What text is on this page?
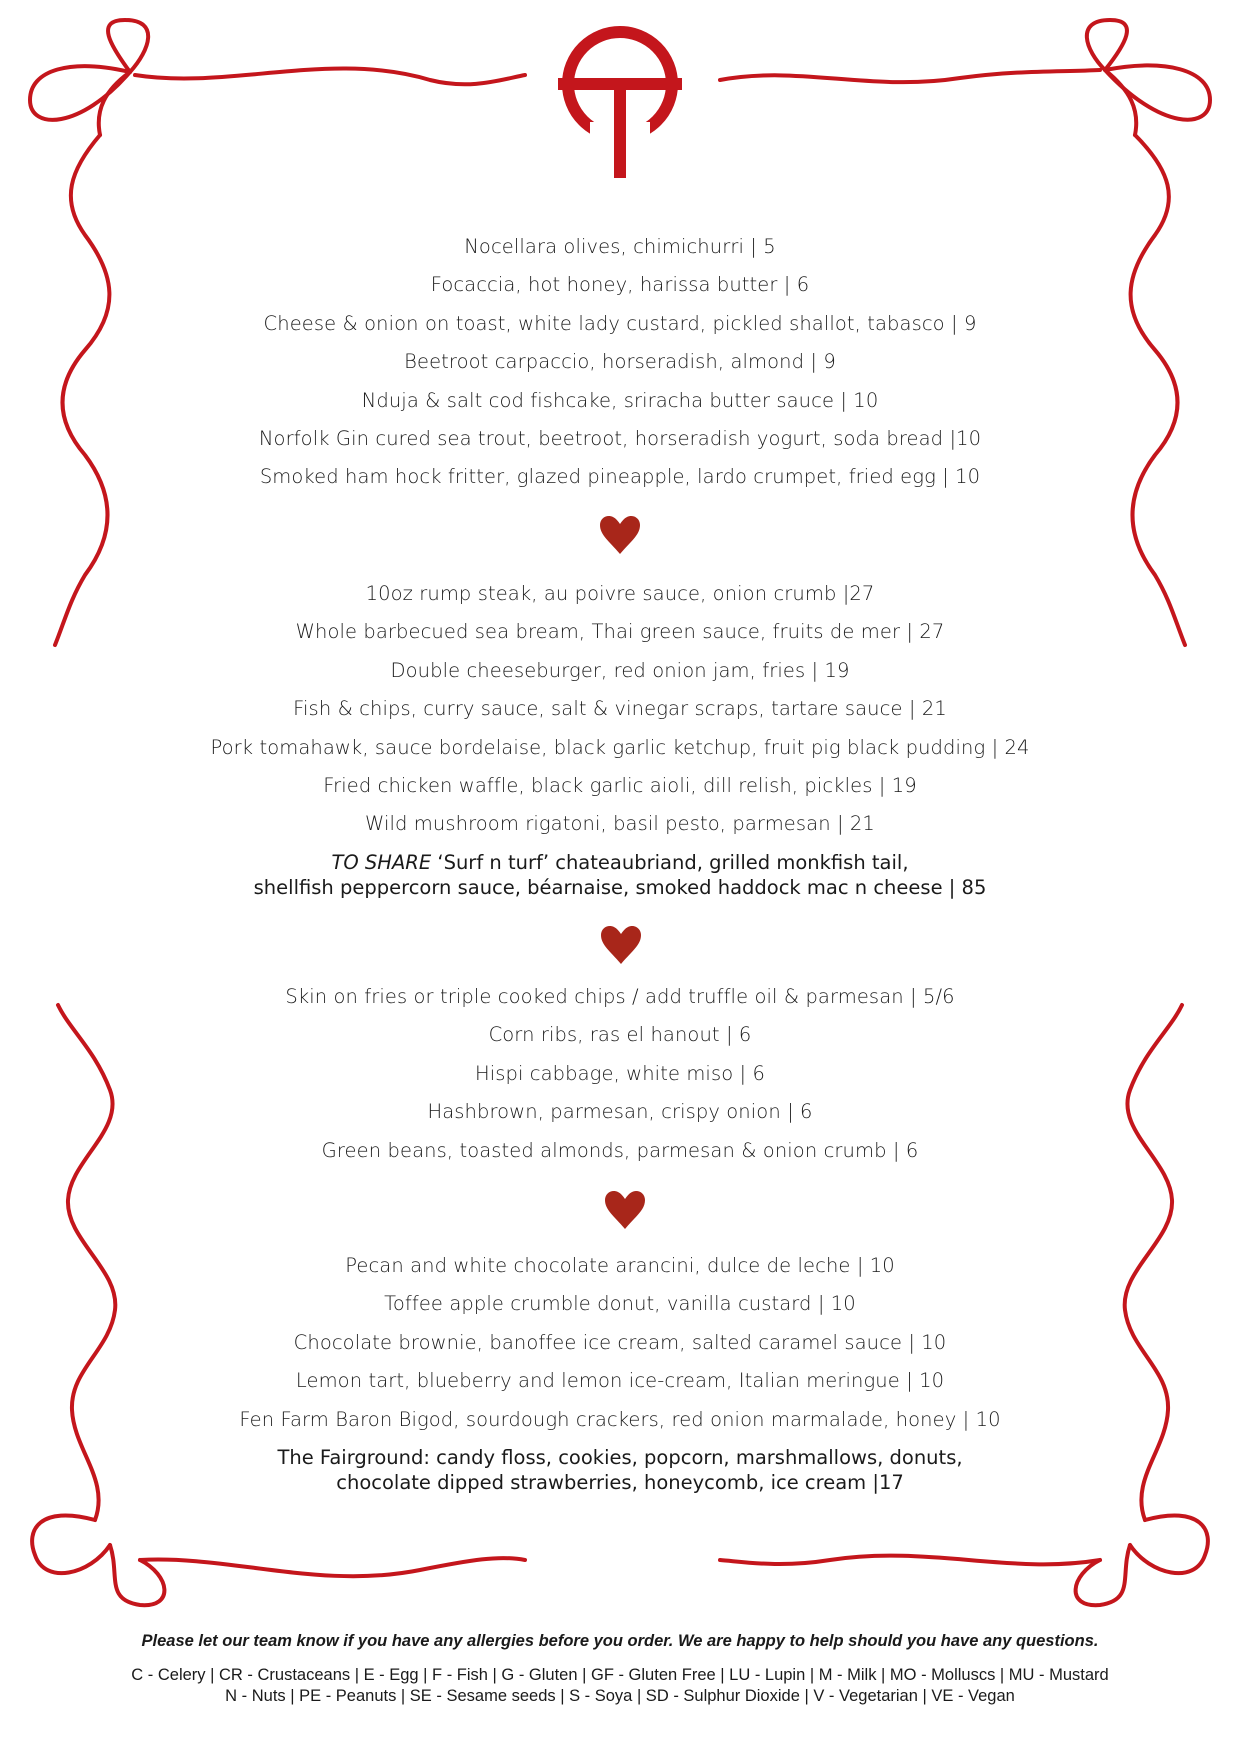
Nocellara olives, chimichurri | 5
Focaccia, hot honey, harissa butter | 6
Cheese & onion on toast, white lady custard, pickled shallot, tabasco | 9
Beetroot carpaccio, horseradish, almond | 9
Nduja & salt cod fishcake, sriracha butter sauce | 10
Norfolk Gin cured sea trout, beetroot, horseradish yogurt, soda bread |10
Smoked ham hock fritter, glazed pineapple, lardo crumpet, fried egg | 10
10oz rump steak, au poivre sauce, onion crumb |27
Whole barbecued sea bream, Thai green sauce, fruits de mer | 27
Double cheeseburger, red onion jam, fries | 19
Fish & chips, curry sauce, salt & vinegar scraps, tartare sauce | 21
Pork tomahawk, sauce bordelaise, black garlic ketchup, fruit pig black pudding | 24
Fried chicken waffle, black garlic aioli, dill relish, pickles | 19
Wild mushroom rigatoni, basil pesto, parmesan | 21
TO SHARE ‘Surf n turf’ chateaubriand, grilled monkfish tail,
shellfish peppercorn sauce, béarnaise, smoked haddock mac n cheese | 85
Skin on fries or triple cooked chips / add truffle oil & parmesan | 5/6
Corn ribs, ras el hanout | 6
Hispi cabbage, white miso | 6
Hashbrown, parmesan, crispy onion | 6
Green beans, toasted almonds, parmesan & onion crumb | 6
Pecan and white chocolate arancini, dulce de leche | 10
Toffee apple crumble donut, vanilla custard | 10
Chocolate brownie, banoffee ice cream, salted caramel sauce | 10
Lemon tart, blueberry and lemon ice-cream, Italian meringue | 10
Fen Farm Baron Bigod, sourdough crackers, red onion marmalade, honey | 10
The Fairground: candy floss, cookies, popcorn, marshmallows, donuts,
chocolate dipped strawberries, honeycomb, ice cream |17
Please let our team know if you have any allergies before you order. We are happy to help should you have any questions.
C - Celery | CR - Crustaceans | E - Egg | F - Fish | G - Gluten | GF - Gluten Free | LU - Lupin | M - Milk | MO - Molluscs | MU - Mustard
N - Nuts | PE - Peanuts | SE - Sesame seeds | S - Soya | SD - Sulphur Dioxide | V - Vegetarian | VE - Vegan
